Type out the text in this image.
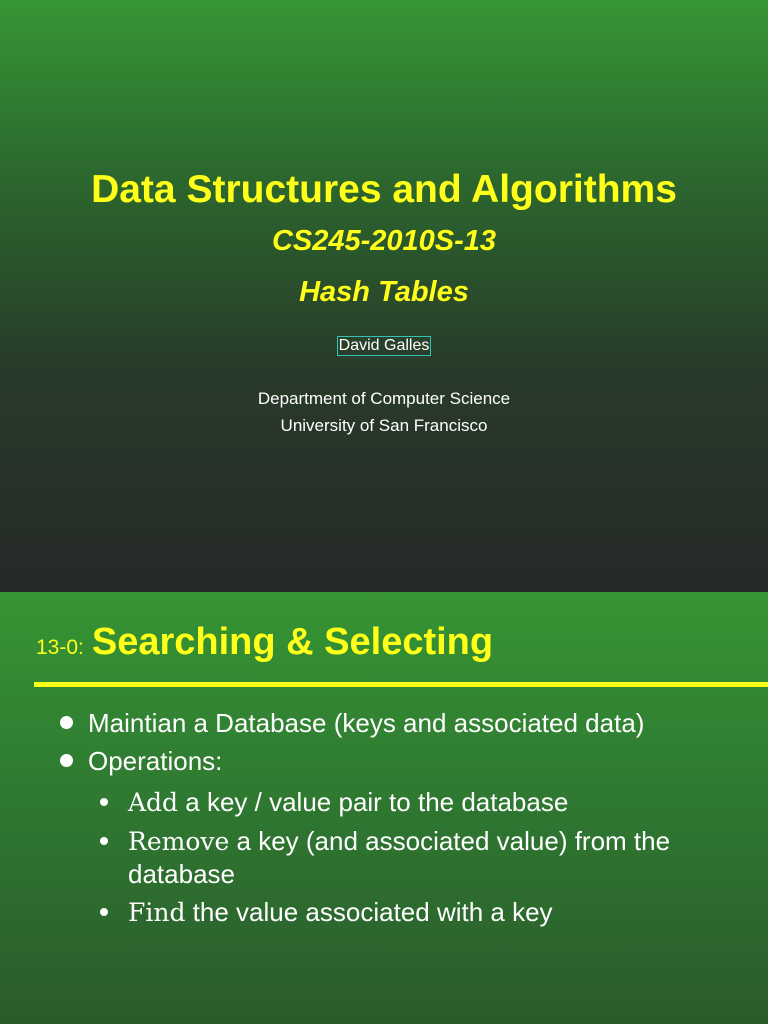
Data Structures and Algorithms
CS245-2010S-13
Hash Tables
David Galles
Department of Computer Science
University of San Francisco
13-0: Searching & Selecting
Maintian a Database (keys and associated data)
Operations:
Add a key / value pair to the database
Remove a key (and associated value) from the database
Find the value associated with a key
